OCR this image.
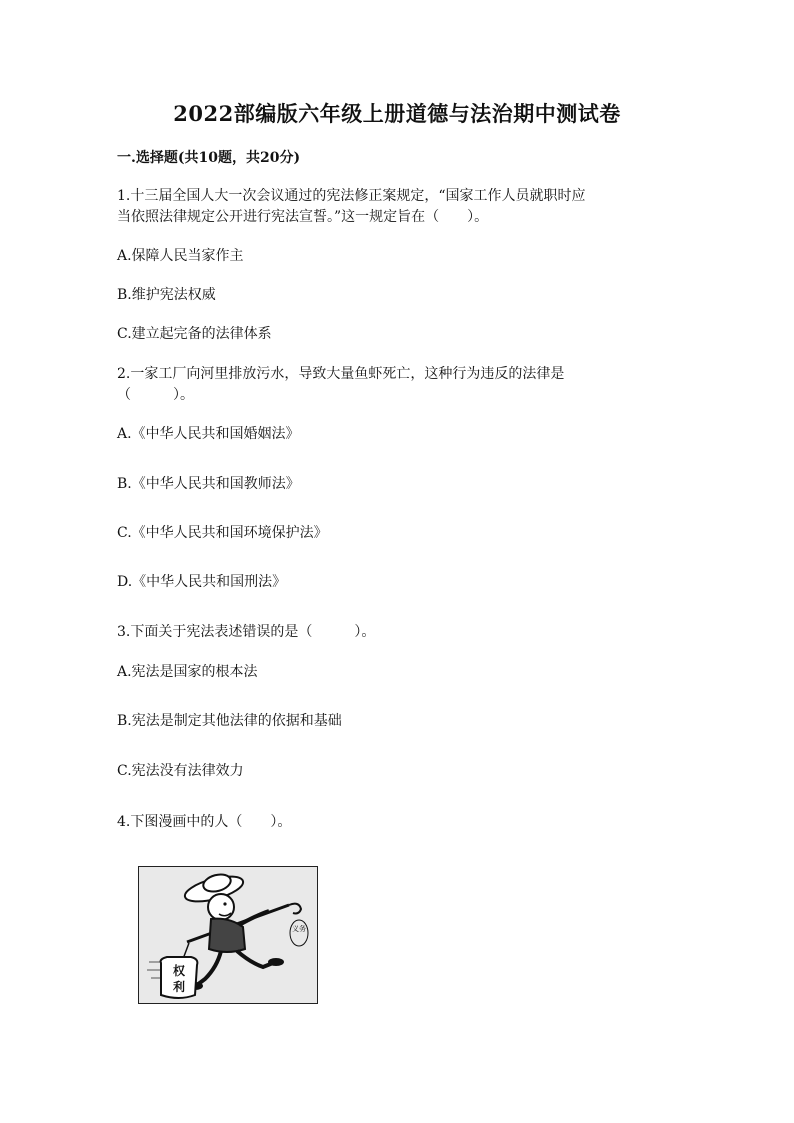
2022部编版六年级上册道德与法治期中测试卷
一.选择题(共10题，共20分)
1.十三届全国人大一次会议通过的宪法修正案规定，“国家工作人员就职时应
当依照法律规定公开进行宪法宣誓。”这一规定旨在（　　）。
A.保障人民当家作主
B.维护宪法权威
C.建立起完备的法律体系
2.一家工厂向河里排放污水，导致大量鱼虾死亡，这种行为违反的法律是
（　　　）。
A.《中华人民共和国婚姻法》
B.《中华人民共和国教师法》
C.《中华人民共和国环境保护法》
D.《中华人民共和国刑法》
3.下面关于宪法表述错误的是（　　　）。
A.宪法是国家的根本法
B.宪法是制定其他法律的依据和基础
C.宪法没有法律效力
4.下图漫画中的人（　　）。
权
利
义务
